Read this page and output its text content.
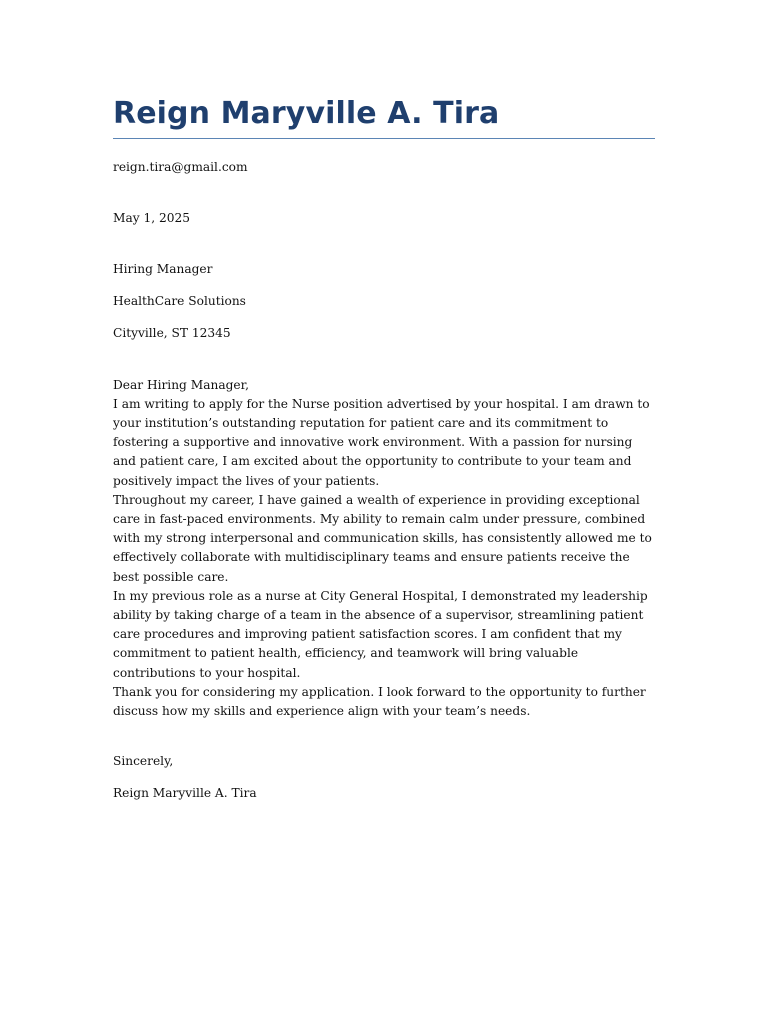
Reign Maryville A. Tira
reign.tira@gmail.com
May 1, 2025
Hiring Manager
HealthCare Solutions
Cityville, ST 12345
Dear Hiring Manager,

I am writing to apply for the Nurse position advertised by your hospital. I am drawn to your institution’s outstanding reputation for patient care and its commitment to fostering a supportive and innovative work environment. With a passion for nursing and patient care, I am excited about the opportunity to contribute to your team and positively impact the lives of your patients.

Throughout my career, I have gained a wealth of experience in providing exceptional care in fast-paced environments. My ability to remain calm under pressure, combined with my strong interpersonal and communication skills, has consistently allowed me to effectively collaborate with multidisciplinary teams and ensure patients receive the best possible care.

In my previous role as a nurse at City General Hospital, I demonstrated my leadership ability by taking charge of a team in the absence of a supervisor, streamlining patient care procedures and improving patient satisfaction scores. I am confident that my commitment to patient health, efficiency, and teamwork will bring valuable contributions to your hospital.

Thank you for considering my application. I look forward to the opportunity to further discuss how my skills and experience align with your team’s needs.

Sincerely,
Reign Maryville A. Tira
